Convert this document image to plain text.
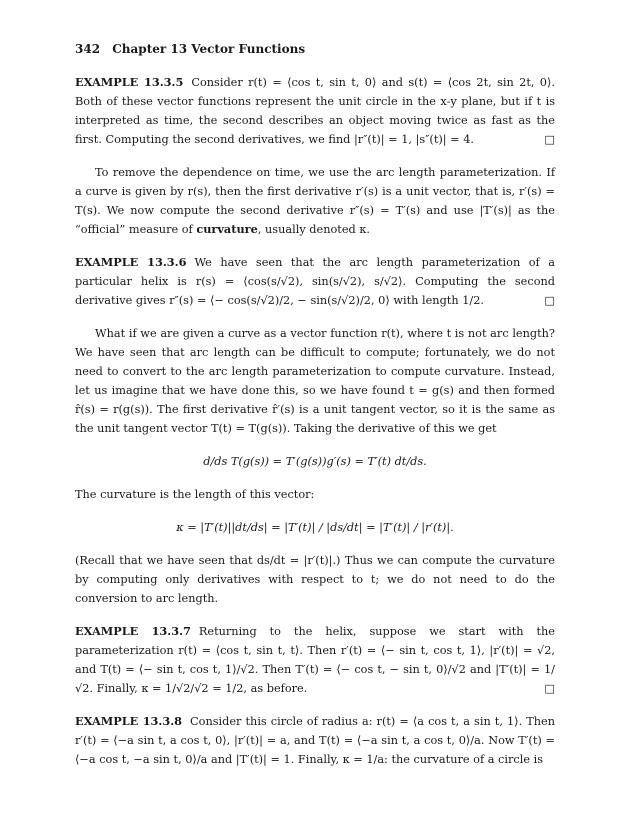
342 Chapter 13 Vector Functions

EXAMPLE 13.3.5 Consider r(t) = ⟨cos t, sin t, 0⟩ and s(t) = ⟨cos 2t, sin 2t, 0⟩. Both of these vector functions represent the unit circle in the x-y plane, but if t is interpreted as time, the second describes an object moving twice as fast as the first. Computing the second derivatives, we find |r″(t)| = 1, |s″(t)| = 4.	□

To remove the dependence on time, we use the arc length parameterization. If a curve is given by r(s), then the first derivative r′(s) is a unit vector, that is, r′(s) = T(s). We now compute the second derivative r″(s) = T′(s) and use |T′(s)| as the “official” measure of curvature, usually denoted κ.

EXAMPLE 13.3.6 We have seen that the arc length parameterization of a particular helix is r(s) = ⟨cos(s/√2), sin(s/√2), s/√2⟩. Computing the second derivative gives r″(s) = ⟨− cos(s/√2)/2, − sin(s/√2)/2, 0⟩ with length 1/2.	□

What if we are given a curve as a vector function r(t), where t is not arc length? We have seen that arc length can be difficult to compute; fortunately, we do not need to convert to the arc length parameterization to compute curvature. Instead, let us imagine that we have done this, so we have found t = g(s) and then formed r̂(s) = r(g(s)). The first derivative r̂′(s) is a unit tangent vector, so it is the same as the unit tangent vector T(t) = T(g(s)). Taking the derivative of this we get

d/ds T(g(s)) = T′(g(s))g′(s) = T′(t) dt/ds.

The curvature is the length of this vector:

κ = |T′(t)||dt/ds| = |T′(t)| / |ds/dt| = |T′(t)| / |r′(t)|.

(Recall that we have seen that ds/dt = |r′(t)|.) Thus we can compute the curvature by computing only derivatives with respect to t; we do not need to do the conversion to arc length.

EXAMPLE 13.3.7 Returning to the helix, suppose we start with the parameterization r(t) = ⟨cos t, sin t, t⟩. Then r′(t) = ⟨− sin t, cos t, 1⟩, |r′(t)| = √2, and T(t) = ⟨− sin t, cos t, 1⟩/√2. Then T′(t) = ⟨− cos t, − sin t, 0⟩/√2 and |T′(t)| = 1/√2. Finally, κ = 1/√2/√2 = 1/2, as before.	□

EXAMPLE 13.3.8 Consider this circle of radius a: r(t) = ⟨a cos t, a sin t, 1⟩. Then r′(t) = ⟨−a sin t, a cos t, 0⟩, |r′(t)| = a, and T(t) = ⟨−a sin t, a cos t, 0⟩/a. Now T′(t) = ⟨−a cos t, −a sin t, 0⟩/a and |T′(t)| = 1. Finally, κ = 1/a: the curvature of a circle is
